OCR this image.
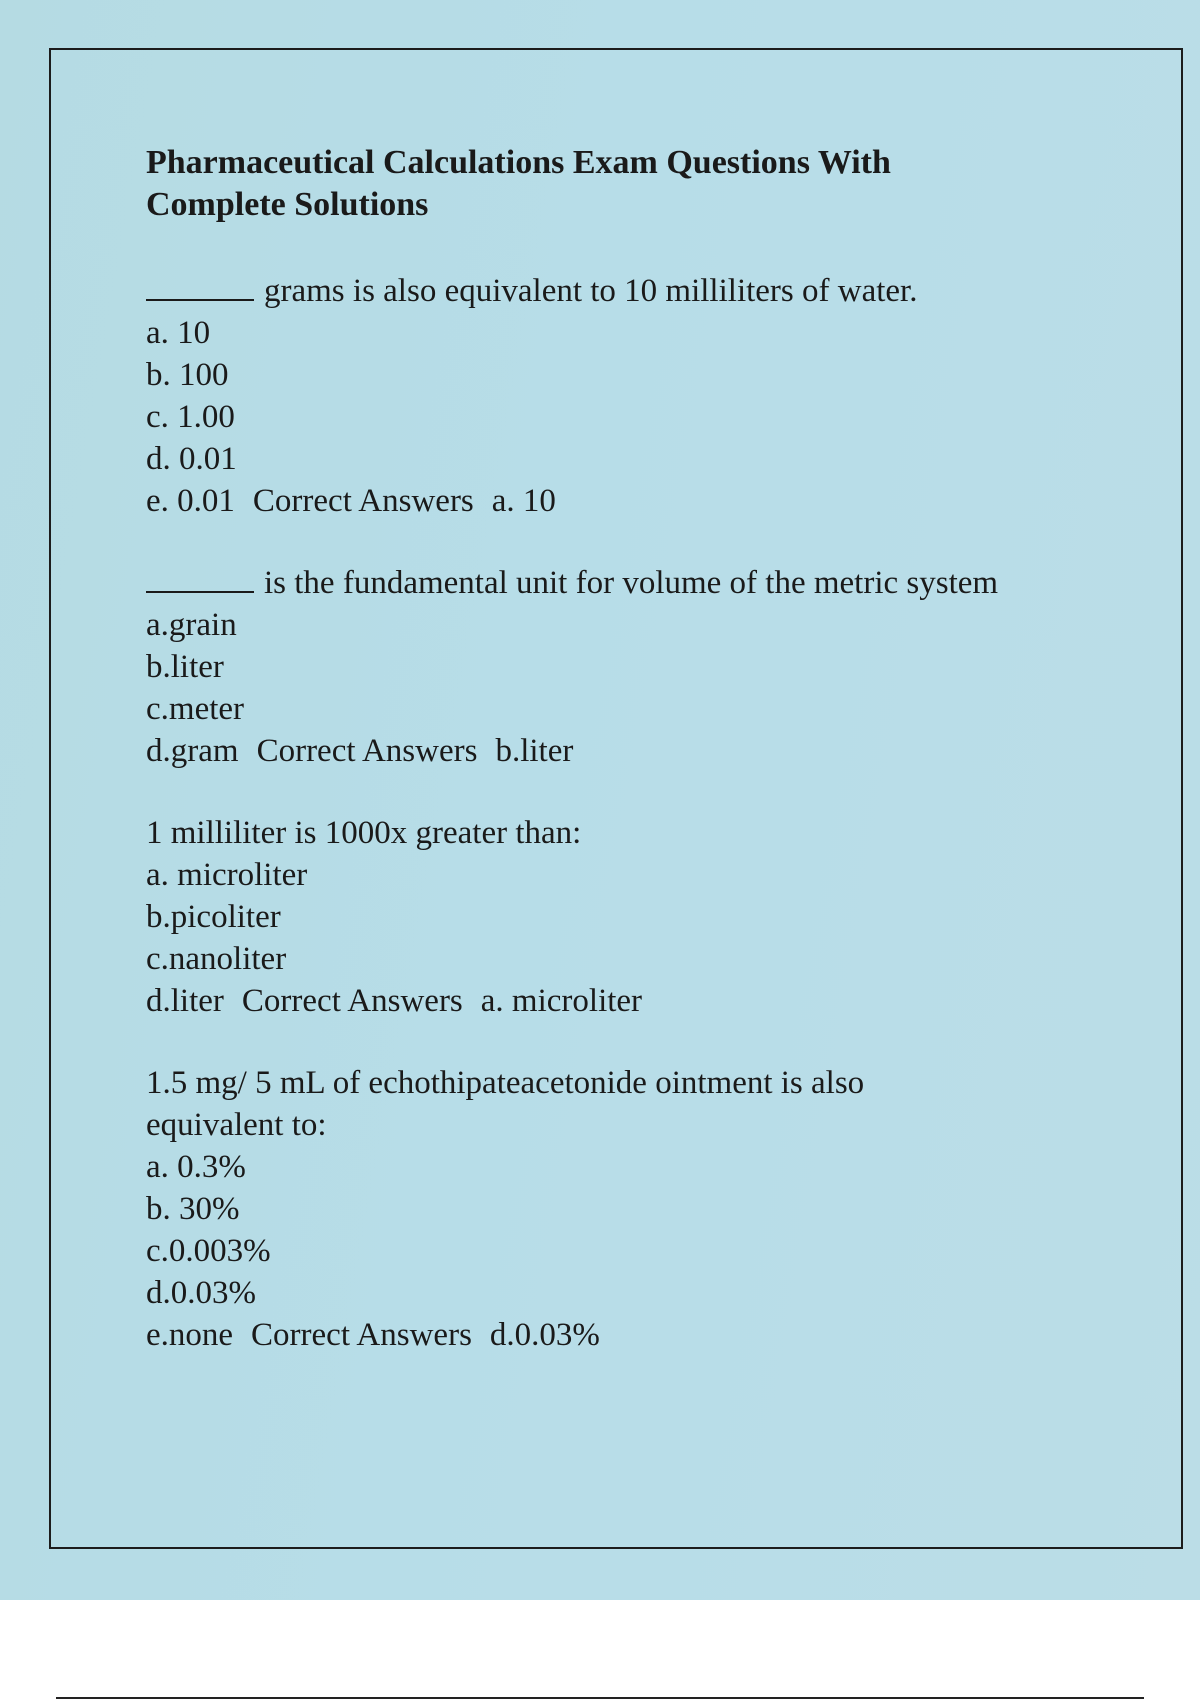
Pharmaceutical Calculations Exam Questions With Complete Solutions
grams is also equivalent to 10 milliliters of water.
a. 10
b. 100
c. 1.00
d. 0.01
e. 0.01 Correct Answers a. 10
is the fundamental unit for volume of the metric system
a.grain
b.liter
c.meter
d.gram Correct Answers b.liter
1 milliliter is 1000x greater than:
a. microliter
b.picoliter
c.nanoliter
d.liter Correct Answers a. microliter
1.5 mg/ 5 mL of echothipateacetonide ointment is also equivalent to:
a. 0.3%
b. 30%
c.0.003%
d.0.03%
e.none Correct Answers d.0.03%
